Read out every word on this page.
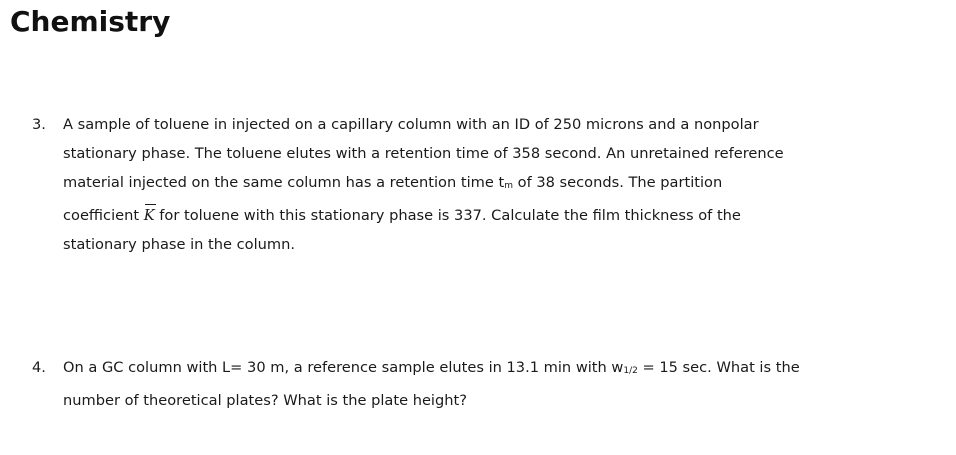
Chemistry
3.	A sample of toluene in injected on a capillary column with an ID of 250 microns and a nonpolar
stationary phase. The toluene elutes with a retention time of 358 second. An unretained reference
material injected on the same column has a retention time tm of 38 seconds. The partition
coefficient K for toluene with this stationary phase is 337. Calculate the film thickness of the
stationary phase in the column.
4.	On a GC column with L= 30 m, a reference sample elutes in 13.1 min with w1/2 = 15 sec. What is the
number of theoretical plates? What is the plate height?
